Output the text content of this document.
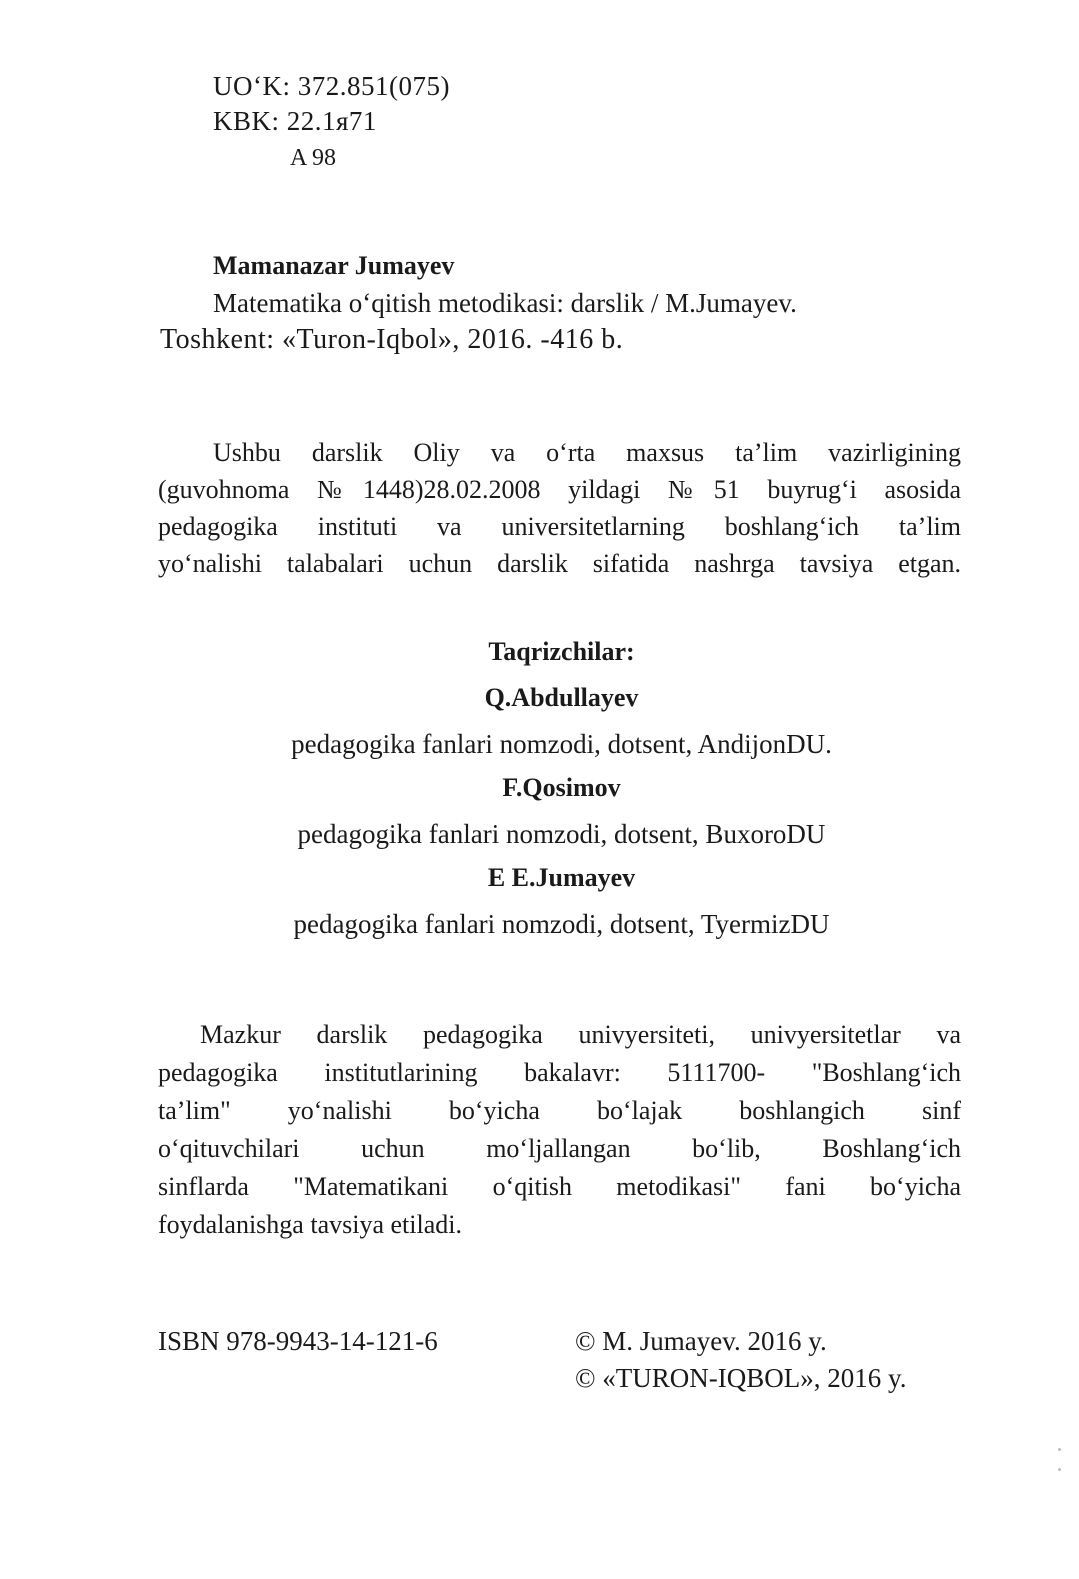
UO‘K: 372.851(075)
KBK: 22.1я71
A 98
Mamanazar Jumayev
Matematika o‘qitish metodikasi: darslik / M.Jumayev.
Toshkent: «Turon-Iqbol», 2016. -416 b.
Ushbu darslik Oliy va o‘rta maxsus ta’lim vazirligining
(guvohnoma №1448)28.02.2008 yildagi №51 buyrug‘i asosida
pedagogika instituti va universitetlarning boshlang‘ich ta’lim
yo‘nalishi talabalari uchun darslik sifatida nashrga tavsiya etgan.
Taqrizchilar:
Q.Abdullayev
pedagogika fanlari nomzodi, dotsent, AndijonDU.
F.Qosimov
pedagogika fanlari nomzodi, dotsent, BuxoroDU
E E.Jumayev
pedagogika fanlari nomzodi, dotsent, TyermizDU
Mazkur darslik pedagogika univyersiteti, univyersitetlar va
pedagogika institutlarining bakalavr: 5111700- "Boshlang‘ich
ta’lim" yo‘nalishi bo‘yicha bo‘lajak boshlangich sinf
o‘qituvchilari uchun mo‘ljallangan bo‘lib, Boshlang‘ich
sinflarda "Matematikani o‘qitish metodikasi" fani bo‘yicha
foydalanishga tavsiya etiladi.
ISBN 978-9943-14-121-6	© M. Jumayev. 2016 y.
© «TURON-IQBOL», 2016 y.
